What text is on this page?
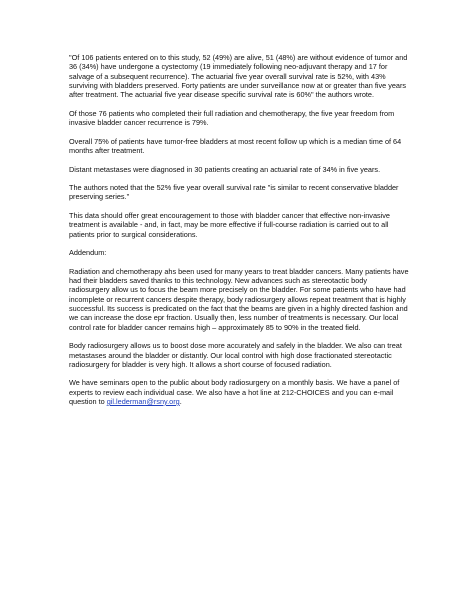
"Of 106 patients entered on to this study, 52 (49%) are alive, 51 (48%) are without evidence of tumor and 36 (34%) have undergone a cystectomy (19 immediately following neo-adjuvant therapy and 17 for salvage of a subsequent recurrence). The actuarial five year overall survival rate is 52%, with 43% surviving with bladders preserved. Forty patients are under surveillance now at or greater than five years after treatment. The actuarial five year disease specific survival rate is 60%" the authors wrote.

Of those 76 patients who completed their full radiation and chemotherapy, the five year freedom from invasive bladder cancer recurrence is 79%.

Overall 75% of patients have tumor-free bladders at most recent follow up which is a median time of 64 months after treatment.

Distant metastases were diagnosed in 30 patients creating an actuarial rate of 34% in five years.

The authors noted that the 52% five year overall survival rate "is similar to recent conservative bladder preserving series."

This data should offer great encouragement to those with bladder cancer that effective non-invasive treatment is available - and, in fact, may be more effective if full-course radiation is carried out to all patients prior to surgical considerations.

Addendum:

Radiation and chemotherapy ahs been used for many years to treat bladder cancers. Many patients have had their bladders saved thanks to this technology. New advances such as stereotactic body radiosurgery allow us to focus the beam more precisely on the bladder. For some patients who have had incomplete or recurrent cancers despite therapy, body radiosurgery allows repeat treatment that is highly successful. Its success is predicated on the fact that the beams are given in a highly directed fashion and we can increase the dose epr fraction. Usually then, less number of treatments is necessary. Our local control rate for bladder cancer remains high – approximately 85 to 90% in the treated field.

Body radiosurgery allows us to boost dose more accurately and safely in the bladder. We also can treat metastases around the bladder or distantly. Our local control with high dose fractionated stereotactic radiosurgery for bladder is very high. It allows a short course of focused radiation.

We have seminars open to the public about body radiosurgery on a monthly basis. We have a panel of experts to review each individual case. We also have a hot line at 212-CHOICES and you can e-mail question to gil.lederman@rsny.org.
